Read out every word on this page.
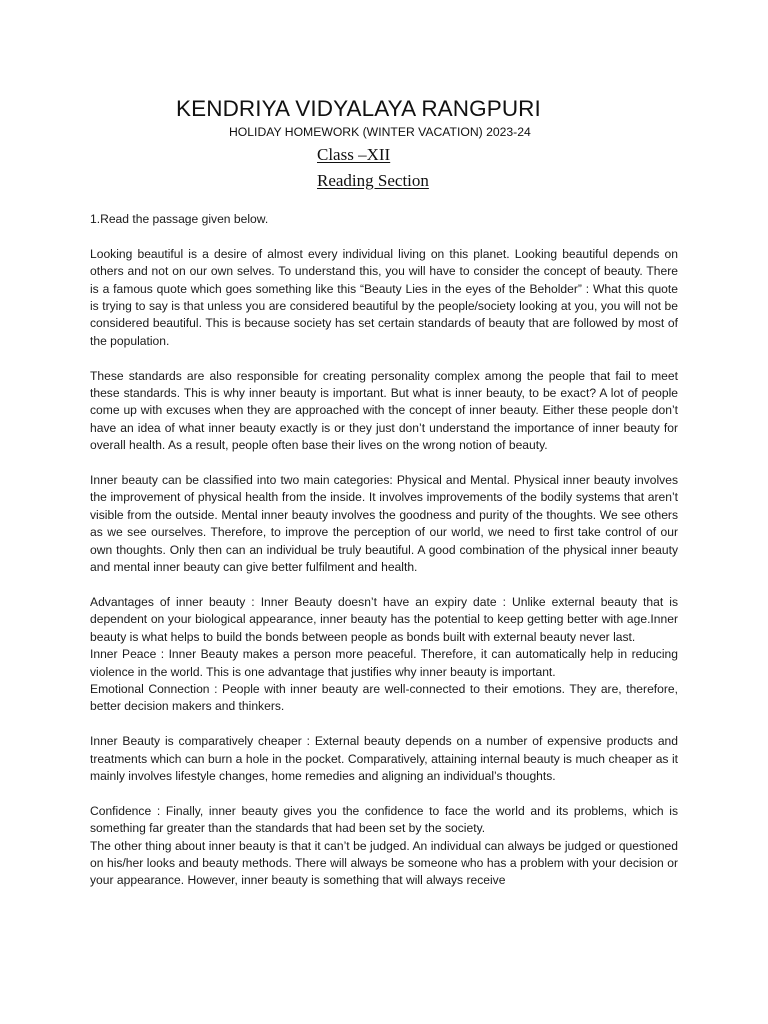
KENDRIYA VIDYALAYA RANGPURI
HOLIDAY HOMEWORK (WINTER VACATION) 2023-24
Class –XII
Reading Section

1.Read the passage given below.

Looking beautiful is a desire of almost every individual living on this planet. Looking beautiful depends on others and not on our own selves. To understand this, you will have to consider the concept of beauty. There is a famous quote which goes something like this “Beauty Lies in the eyes of the Beholder” : What this quote is trying to say is that unless you are considered beautiful by the people/society looking at you, you will not be considered beautiful. This is because society has set certain standards of beauty that are followed by most of the population.

These standards are also responsible for creating personality complex among the people that fail to meet these standards. This is why inner beauty is important. But what is inner beauty, to be exact? A lot of people come up with excuses when they are approached with the concept of inner beauty. Either these people don’t have an idea of what inner beauty exactly is or they just don’t understand the importance of inner beauty for overall health. As a result, people often base their lives on the wrong notion of beauty.

Inner beauty can be classified into two main categories: Physical and Mental. Physical inner beauty involves the improvement of physical health from the inside. It involves improvements of the bodily systems that aren’t visible from the outside. Mental inner beauty involves the goodness and purity of the thoughts. We see others as we see ourselves. Therefore, to improve the perception of our world, we need to first take control of our own thoughts. Only then can an individual be truly beautiful. A good combination of the physical inner beauty and mental inner beauty can give better fulfilment and health.

Advantages of inner beauty : Inner Beauty doesn’t have an expiry date : Unlike external beauty that is dependent on your biological appearance, inner beauty has the potential to keep getting better with age.Inner beauty is what helps to build the bonds between people as bonds built with external beauty never last.

Inner Peace : Inner Beauty makes a person more peaceful. Therefore, it can automatically help in reducing violence in the world. This is one advantage that justifies why inner beauty is important.

Emotional Connection : People with inner beauty are well-connected to their emotions. They are, therefore, better decision makers and thinkers.

Inner Beauty is comparatively cheaper : External beauty depends on a number of expensive products and treatments which can burn a hole in the pocket. Comparatively, attaining internal beauty is much cheaper as it mainly involves lifestyle changes, home remedies and aligning an individual’s thoughts.

Confidence : Finally, inner beauty gives you the confidence to face the world and its problems, which is something far greater than the standards that had been set by the society.

The other thing about inner beauty is that it can’t be judged. An individual can always be judged or questioned on his/her looks and beauty methods. There will always be someone who has a problem with your decision or your appearance. However, inner beauty is something that will always receive
